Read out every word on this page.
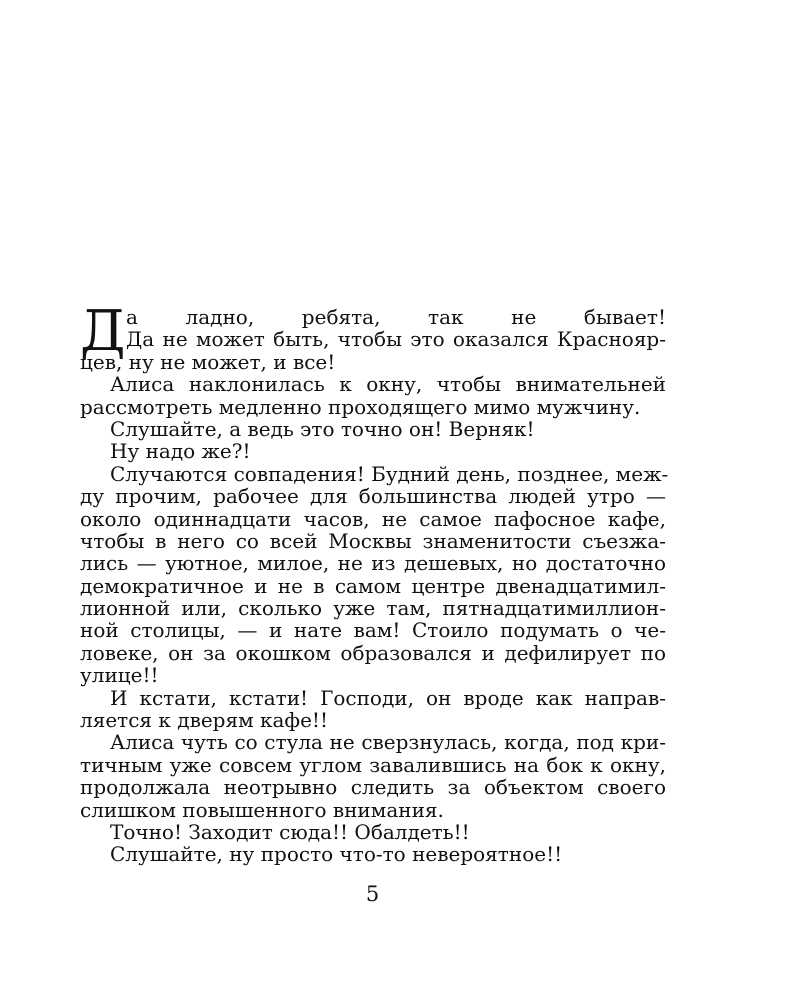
Д а ладно, ребята, так не бывает!
Да не может быть, чтобы это оказался Краснояр-
цев, ну не может, и все!
Алиса наклонилась к окну, чтобы внимательней
рассмотреть медленно проходящего мимо мужчину.
Слушайте, а ведь это точно он! Верняк!
Ну надо же?!
Случаются совпадения! Будний день, позднее, меж-
ду прочим, рабочее для большинства людей утро —
около одиннадцати часов, не самое пафосное кафе,
чтобы в него со всей Москвы знаменитости съезжа-
лись — уютное, милое, не из дешевых, но достаточно
демократичное и не в самом центре двенадцатимил-
лионной или, сколько уже там, пятнадцатимиллион-
ной столицы, — и нате вам! Стоило подумать о че-
ловеке, он за окошком образовался и дефилирует по
улице!!
И кстати, кстати! Господи, он вроде как направ-
ляется к дверям кафе!!
Алиса чуть со стула не сверзнулась, когда, под кри-
тичным уже совсем углом завалившись на бок к окну,
продолжала неотрывно следить за объектом своего
слишком повышенного внимания.
Точно! Заходит сюда!! Обалдеть!!
Слушайте, ну просто что-то невероятное!!
5
